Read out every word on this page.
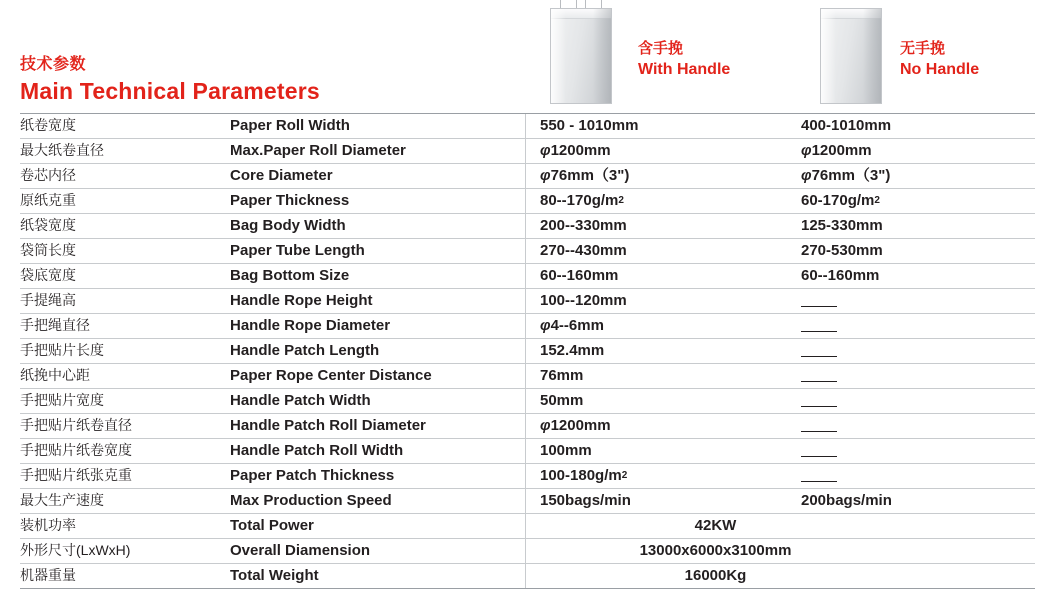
技术参数
Main Technical Parameters
含手挽
With Handle
无手挽
No Handle
纸卷宽度	Paper Roll Width	550 - 1010mm	400-1010mm
最大纸卷直径	Max.Paper Roll Diameter	φ1200mm	φ1200mm
卷芯内径	Core Diameter	φ76mm（3")	φ76mm（3")
原纸克重	Paper Thickness	$80--170g/m^2$	$60-170g/m^2$
纸袋宽度	Bag Body Width	200--330mm	125-330mm
袋筒长度	Paper Tube Length	270--430mm	270-530mm
袋底宽度	Bag Bottom Size	60--160mm	60--160mm
手提绳高	Handle Rope Height	100--120mm
手把绳直径	Handle Rope Diameter	φ4--6mm
手把贴片长度	Handle Patch Length	152.4mm
纸挽中心距	Paper Rope Center Distance	76mm
手把贴片宽度	Handle Patch Width	50mm
手把贴片纸卷直径	Handle Patch Roll Diameter	φ1200mm
手把贴片纸卷宽度	Handle Patch Roll Width	100mm
手把贴片纸张克重	Paper Patch Thickness	$100-180g/m^2$
最大生产速度	Max Production Speed	150bags/min	200bags/min
装机功率	Total Power	42KW
外形尺寸(LxWxH)	Overall Diamension	13000x6000x3100mm
机器重量	Total Weight	16000Kg
